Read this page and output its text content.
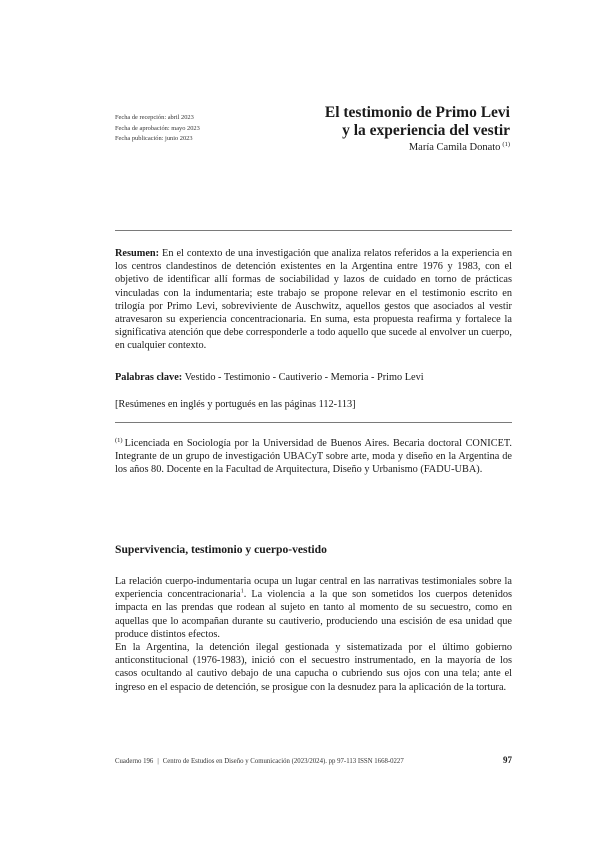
Fecha de recepción: abril 2023
Fecha de aprobación: mayo 2023
Fecha publicación: junio 2023
El testimonio de Primo Levi
y la experiencia del vestir
María Camila Donato $^{(1)}$

Resumen: En el contexto de una investigación que analiza relatos referidos a la experiencia en los centros clandestinos de detención existentes en la Argentina entre 1976 y 1983, con el objetivo de identificar allí formas de sociabilidad y lazos de cuidado en torno de prácticas vinculadas con la indumentaria; este trabajo se propone relevar en el testimonio escrito en trilogía por Primo Levi, sobreviviente de Auschwitz, aquellos gestos que asociados al vestir atravesaron su experiencia concentracionaria. En suma, esta propuesta reafirma y fortalece la significativa atención que debe corresponderle a todo aquello que sucede al envolver un cuerpo, en cualquier contexto.

Palabras clave: Vestido - Testimonio - Cautiverio - Memoria - Primo Levi

[Resúmenes en inglés y portugués en las páginas 112-113]
$^{(1)}$ Licenciada en Sociología por la Universidad de Buenos Aires. Becaria doctoral CONICET. Integrante de un grupo de investigación UBACyT sobre arte, moda y diseño en la Argentina de los años 80. Docente en la Facultad de Arquitectura, Diseño y Urbanismo (FADU-UBA).
Supervivencia, testimonio y cuerpo-vestido

La relación cuerpo-indumentaria ocupa un lugar central en las narrativas testimoniales sobre la experiencia concentracionaria$^1$. La violencia a la que son sometidos los cuerpos detenidos impacta en las prendas que rodean al sujeto en tanto al momento de su secuestro, como en aquellas que lo acompañan durante su cautiverio, produciendo una escisión de esa unidad que produce distintos efectos.

En la Argentina, la detención ilegal gestionada y sistematizada por el último gobierno anticonstitucional (1976-1983), inició con el secuestro instrumentado, en la mayoría de los casos ocultando al cautivo debajo de una capucha o cubriendo sus ojos con una tela; ante el ingreso en el espacio de detención, se prosigue con la desnudez para la aplicación de la tortura.

Cuaderno 196 | Centro de Estudios en Diseño y Comunicación (2023/2024). pp 97-113 ISSN 1668-0227	97
